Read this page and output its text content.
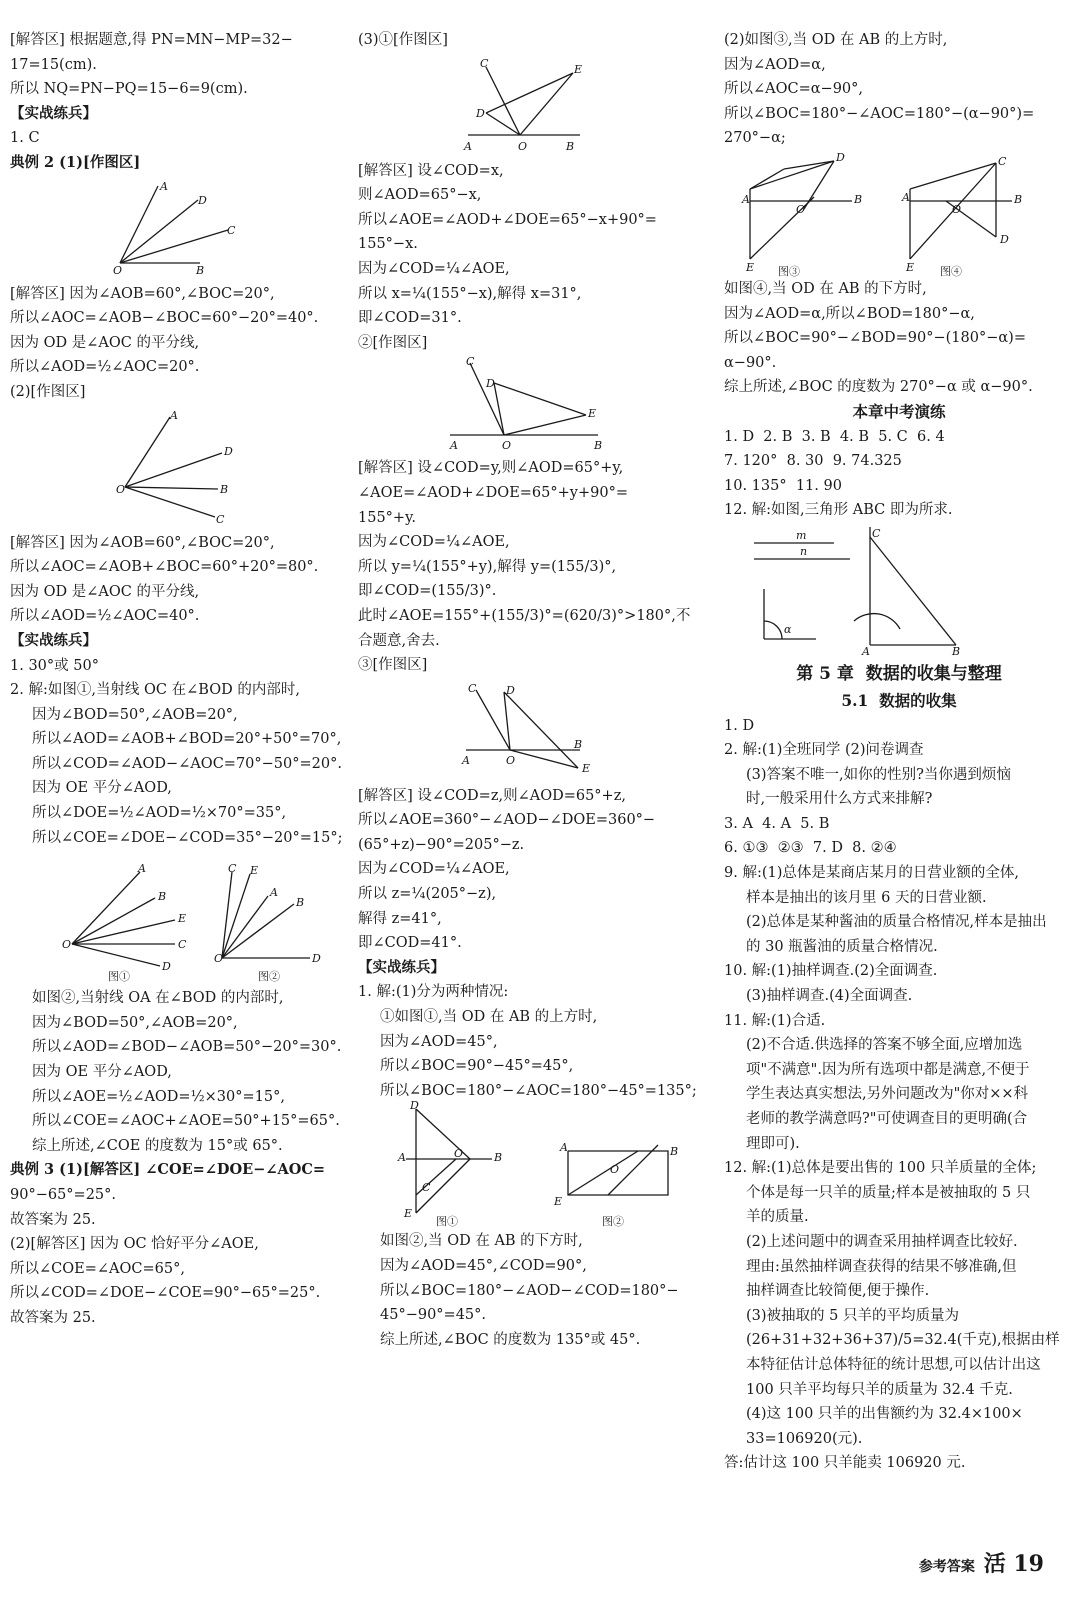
[解答区] 根据题意,得 PN=MN−MP=32−
17=15(cm).
所以 NQ=PN−PQ=15−6=9(cm).
【实战练兵】
1. C
典例 2 (1)[作图区]
A
D
C
O	B
[解答区] 因为∠AOB=60°,∠BOC=20°,
所以∠AOC=∠AOB−∠BOC=60°−20°=40°.
因为 OD 是∠AOC 的平分线,
所以∠AOD=½∠AOC=20°.
(2)[作图区]
A
D
O	B
C
[解答区] 因为∠AOB=60°,∠BOC=20°,
所以∠AOC=∠AOB+∠BOC=60°+20°=80°.
因为 OD 是∠AOC 的平分线,
所以∠AOD=½∠AOC=40°.
【实战练兵】
1. 30°或 50°
2. 解:如图①,当射线 OC 在∠BOD 的内部时,
因为∠BOD=50°,∠AOB=20°,
所以∠AOD=∠AOB+∠BOD=20°+50°=70°,
所以∠COD=∠AOD−∠AOC=70°−50°=20°.
因为 OE 平分∠AOD,
所以∠DOE=½∠AOD=½×70°=35°,
所以∠COE=∠DOE−∠COD=35°−20°=15°;
A
B
E
C
D
O
C E
A
B
D
O
图①	图②
如图②,当射线 OA 在∠BOD 的内部时,
因为∠BOD=50°,∠AOB=20°,
所以∠AOD=∠BOD−∠AOB=50°−20°=30°.
因为 OE 平分∠AOD,
所以∠AOE=½∠AOD=½×30°=15°,
所以∠COE=∠AOC+∠AOE=50°+15°=65°.
综上所述,∠COE 的度数为 15°或 65°.
典例 3 (1)[解答区] ∠COE=∠DOE−∠AOC=
90°−65°=25°.
故答案为 25.
(2)[解答区] 因为 OC 恰好平分∠AOE,
所以∠COE=∠AOC=65°,
所以∠COD=∠DOE−∠COE=90°−65°=25°.
故答案为 25.
(3)①[作图区]
C	E
D
A	O	B
[解答区] 设∠COD=x,
则∠AOD=65°−x,
所以∠AOE=∠AOD+∠DOE=65°−x+90°=
155°−x.
因为∠COD=¼∠AOE,
所以 x=¼(155°−x),解得 x=31°,
即∠COD=31°.
②[作图区]
C
D
E
A	O	B
[解答区] 设∠COD=y,则∠AOD=65°+y,
∠AOE=∠AOD+∠DOE=65°+y+90°=
155°+y.
因为∠COD=¼∠AOE,
所以 y=¼(155°+y),解得 y=(155/3)°,
即∠COD=(155/3)°.
此时∠AOE=155°+(155/3)°=(620/3)°>180°,不
合题意,舍去.
③[作图区]
C	D
E
A	O
B
[解答区] 设∠COD=z,则∠AOD=65°+z,
所以∠AOE=360°−∠AOD−∠DOE=360°−
(65°+z)−90°=205°−z.
因为∠COD=¼∠AOE,
所以 z=¼(205°−z),
解得 z=41°,
即∠COD=41°.
【实战练兵】
1. 解:(1)分为两种情况:
①如图①,当 OD 在 AB 的上方时,
因为∠AOD=45°,
所以∠BOC=90°−45°=45°,
所以∠BOC=180°−∠AOC=180°−45°=135°;
D
A	O	B
C
E
A
O
B
E
图①	图②
如图②,当 OD 在 AB 的下方时,
因为∠AOD=45°,∠COD=90°,
所以∠BOC=180°−∠AOD−∠COD=180°−
45°−90°=45°.
综上所述,∠BOC 的度数为 135°或 45°.
(2)如图③,当 OD 在 AB 的上方时,
因为∠AOD=α,
所以∠AOC=α−90°,
所以∠BOC=180°−∠AOC=180°−(α−90°)=
270°−α;
A
O
B
D
E
A
O
B
C
D
E
图③	图④
如图④,当 OD 在 AB 的下方时,
因为∠AOD=α,所以∠BOD=180°−α,
所以∠BOC=90°−∠BOD=90°−(180°−α)=
α−90°.
综上所述,∠BOC 的度数为 270°−α 或 α−90°.
本章中考演练
1. D  2. B  3. B  4. B  5. C  6. 4
7. 120°  8. 30  9. 74.325
10. 135°  11. 90
12. 解:如图,三角形 ABC 即为所求.
m
n
α
C
A	B
第 5 章  数据的收集与整理
5.1  数据的收集
1. D
2. 解:(1)全班同学 (2)问卷调查
(3)答案不唯一,如你的性别?当你遇到烦恼
时,一般采用什么方式来排解?
3. A  4. A  5. B
6. ①③  ②③  7. D  8. ②④
9. 解:(1)总体是某商店某月的日营业额的全体,
样本是抽出的该月里 6 天的日营业额.
(2)总体是某种酱油的质量合格情况,样本是抽出
的 30 瓶酱油的质量合格情况.
10. 解:(1)抽样调查.(2)全面调查.
(3)抽样调查.(4)全面调查.
11. 解:(1)合适.
(2)不合适.供选择的答案不够全面,应增加选
项"不满意".因为所有选项中都是满意,不便于
学生表达真实想法,另外问题改为"你对××科
老师的教学满意吗?"可使调查目的更明确(合
理即可).
12. 解:(1)总体是要出售的 100 只羊质量的全体;
个体是每一只羊的质量;样本是被抽取的 5 只
羊的质量.
(2)上述问题中的调查采用抽样调查比较好.
理由:虽然抽样调查获得的结果不够准确,但
抽样调查比较简便,便于操作.
(3)被抽取的 5 只羊的平均质量为
(26+31+32+36+37)/5=32.4(千克),根据由样
本特征估计总体特征的统计思想,可以估计出这
100 只羊平均每只羊的质量为 32.4 千克.
(4)这 100 只羊的出售额约为 32.4×100×
33=106920(元).
答:估计这 100 只羊能卖 106920 元.
参考答案 活 19
